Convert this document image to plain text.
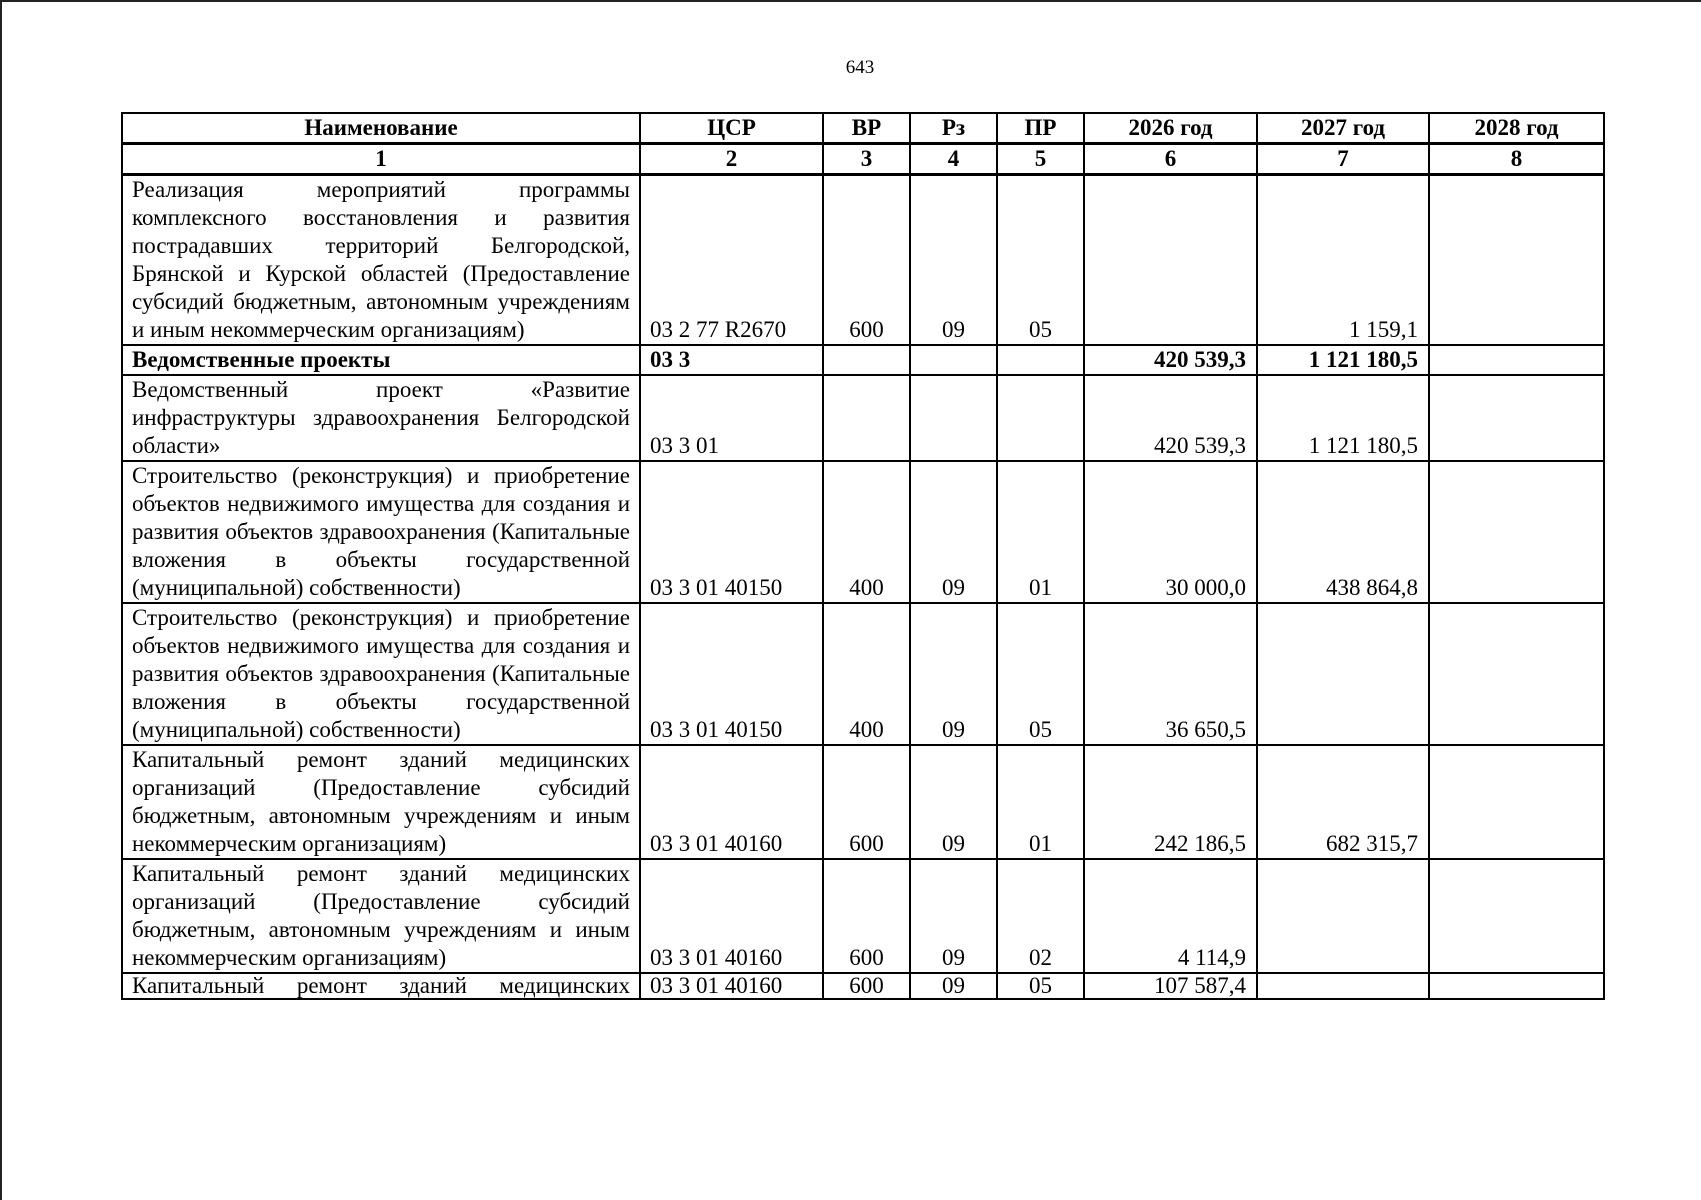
643
Наименование	ЦСР	ВР	Рз	ПР	2026 год	2027 год	2028 год
1	2	3	4	5	6	7	8
Реализация мероприятий программы комплексного восстановления и развития пострадавших территорий Белгородской, Брянской и Курской областей (Предоставление субсидий бюджетным, автономным учреждениям и иным некоммерческим организациям)	03 2 77 R2670	600	09	05		1 159,1	
Ведомственные проекты	03 3				420 539,3	1 121 180,5	
Ведомственный проект «Развитие инфраструктуры здравоохранения Белгородской области»	03 3 01				420 539,3	1 121 180,5	
Строительство (реконструкция) и приобретение объектов недвижимого имущества для создания и развития объектов здравоохранения (Капитальные вложения в объекты государственной (муниципальной) собственности)	03 3 01 40150	400	09	01	30 000,0	438 864,8	
Строительство (реконструкция) и приобретение объектов недвижимого имущества для создания и развития объектов здравоохранения (Капитальные вложения в объекты государственной (муниципальной) собственности)	03 3 01 40150	400	09	05	36 650,5		
Капитальный ремонт зданий медицинских организаций (Предоставление субсидий бюджетным, автономным учреждениям и иным некоммерческим организациям)	03 3 01 40160	600	09	01	242 186,5	682 315,7	
Капитальный ремонт зданий медицинских организаций (Предоставление субсидий бюджетным, автономным учреждениям и иным некоммерческим организациям)	03 3 01 40160	600	09	02	4 114,9		
Капитальный ремонт зданий медицинских	03 3 01 40160	600	09	05	107 587,4		
